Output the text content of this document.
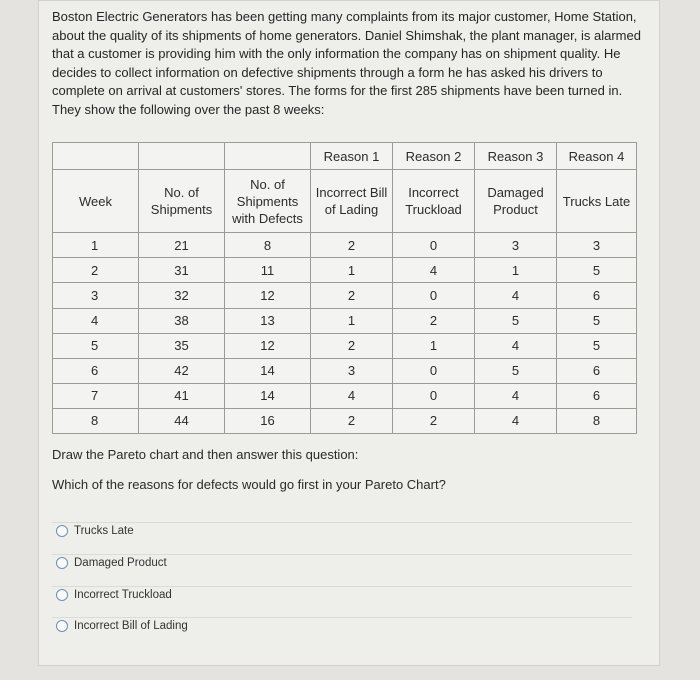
Boston Electric Generators has been getting many complaints from its major customer, Home Station, about the quality of its shipments of home generators. Daniel Shimshak, the plant manager, is alarmed that a customer is providing him with the only information the company has on shipment quality. He decides to collect information on defective shipments through a form he has asked his drivers to complete on arrival at customers' stores. The forms for the first 285 shipments have been turned in. They show the following over the past 8 weeks:
			Reason 1	Reason 2	Reason 3	Reason 4
Week	No. of Shipments	No. of Shipments with Defects	Incorrect Bill of Lading	Incorrect Truckload	Damaged Product	Trucks Late
1	21	8	2	0	3	3
2	31	11	1	4	1	5
3	32	12	2	0	4	6
4	38	13	1	2	5	5
5	35	12	2	1	4	5
6	42	14	3	0	5	6
7	41	14	4	0	4	6
8	44	16	2	2	4	8
Draw the Pareto chart and then answer this question:
Which of the reasons for defects would go first in your Pareto Chart?
Trucks Late
Damaged Product
Incorrect Truckload
Incorrect Bill of Lading
